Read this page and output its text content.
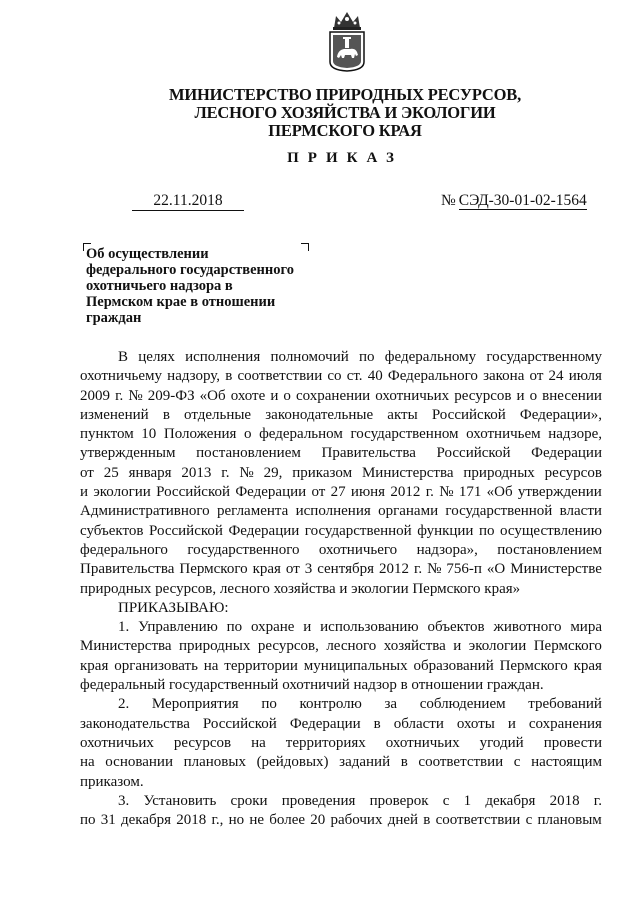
МИНИСТЕРСТВО ПРИРОДНЫХ РЕСУРСОВ,
ЛЕСНОГО ХОЗЯЙСТВА И ЭКОЛОГИИ
ПЕРМСКОГО КРАЯ
ПРИКАЗ
22.11.2018	№ СЭД-30-01-02-1564
Об осуществлении
федерального государственного
охотничьего надзора в
Пермском крае в отношении
граждан
В целях исполнения полномочий по федеральному государственному
охотничьему надзору, в соответствии со ст. 40 Федерального закона от 24 июля
2009 г. № 209-ФЗ «Об охоте и о сохранении охотничьих ресурсов и о внесении
изменений в отдельные законодательные акты Российской Федерации»,
пунктом 10 Положения о федеральном государственном охотничьем надзоре,
утвержденным постановлением Правительства Российской Федерации
от 25 января 2013 г. № 29, приказом Министерства природных ресурсов
и экологии Российской Федерации от 27 июня 2012 г. № 171 «Об утверждении
Административного регламента исполнения органами государственной власти
субъектов Российской Федерации государственной функции по осуществлению
федерального государственного охотничьего надзора», постановлением
Правительства Пермского края от 3 сентября 2012 г. № 756-п «О Министерстве
природных ресурсов, лесного хозяйства и экологии Пермского края»
ПРИКАЗЫВАЮ:
1. Управлению по охране и использованию объектов животного мира
Министерства природных ресурсов, лесного хозяйства и экологии Пермского
края организовать на территории муниципальных образований Пермского края
федеральный государственный охотничий надзор в отношении граждан.
2. Мероприятия по контролю за соблюдением требований
законодательства Российской Федерации в области охоты и сохранения
охотничьих ресурсов на территориях охотничьих угодий провести
на основании плановых (рейдовых) заданий в соответствии с настоящим
приказом.
3. Установить сроки проведения проверок с 1 декабря 2018 г.
по 31 декабря 2018 г., но не более 20 рабочих дней в соответствии с плановым
